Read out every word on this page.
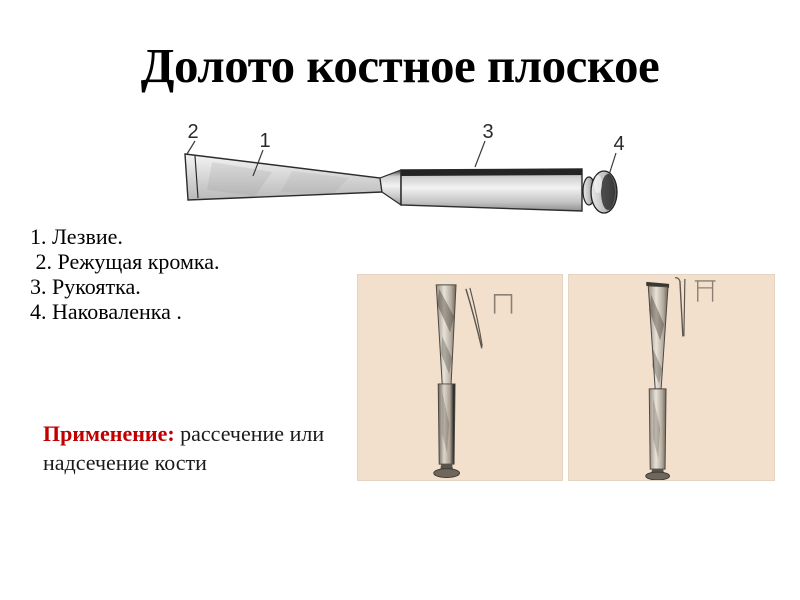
Долото костное плоское
2	1	3
4
1. Лезвие.
2. Режущая кромка.
3. Рукоятка.
4. Наковаленка .
Применение: рассечение или надсечение кости
